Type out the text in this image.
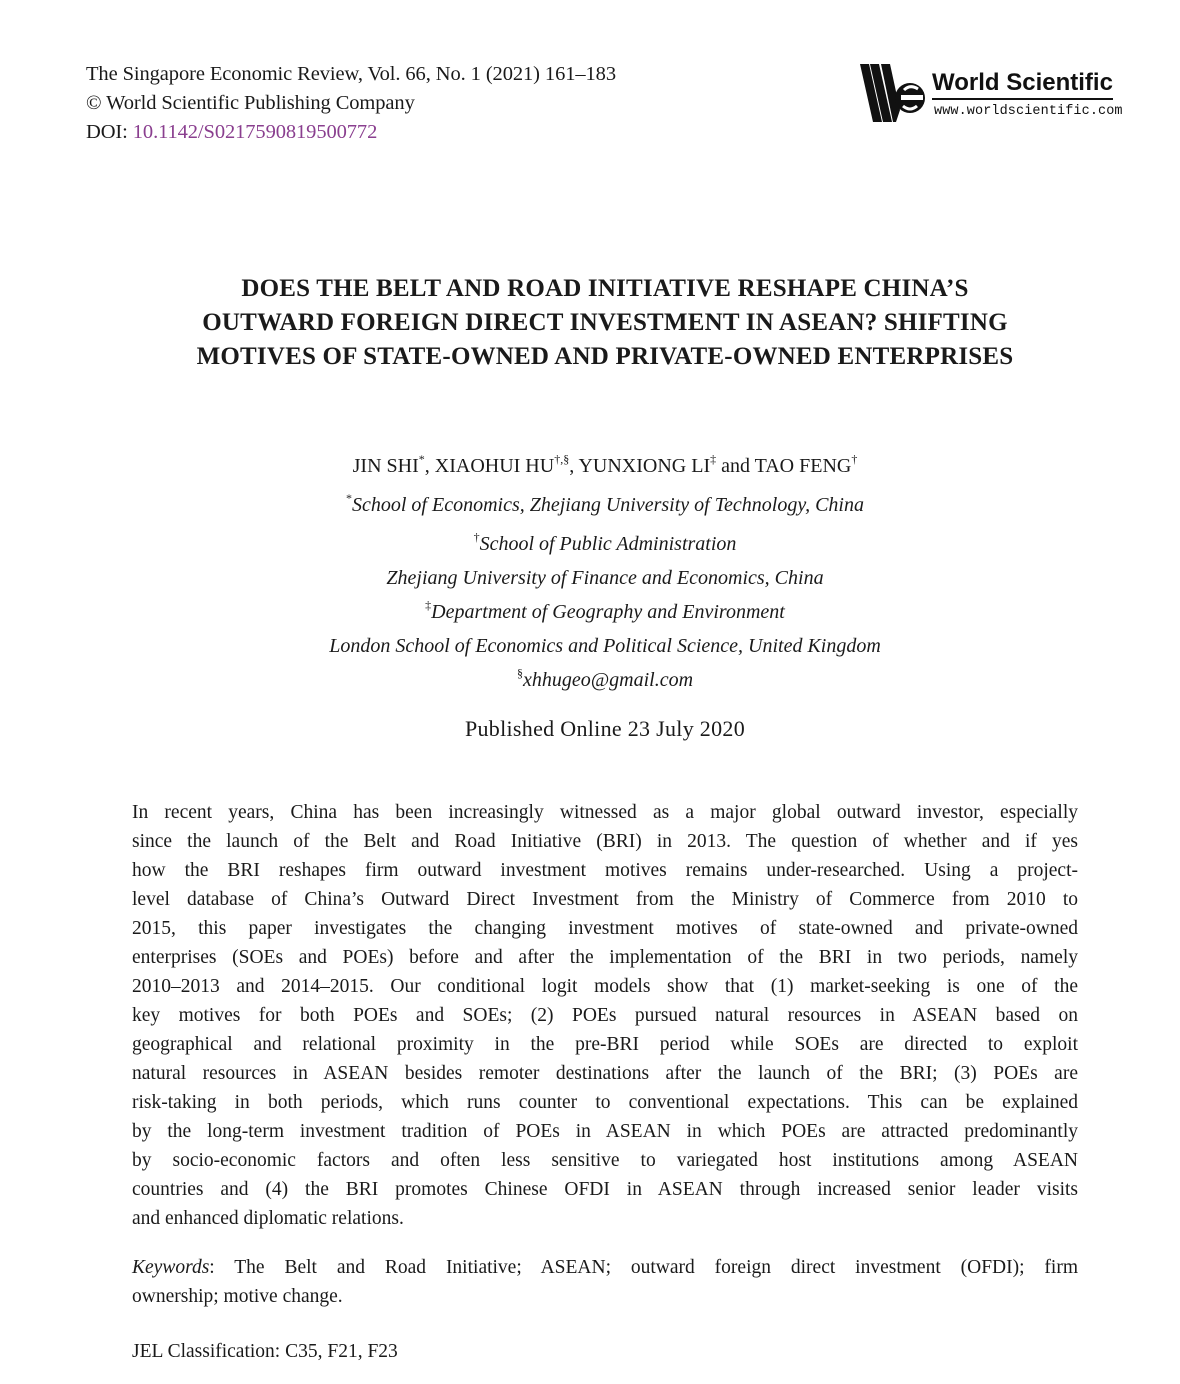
The Singapore Economic Review, Vol. 66, No. 1 (2021) 161–183
© World Scientific Publishing Company
DOI: 10.1142/S0217590819500772
World Scientific
www.worldscientific.com
DOES THE BELT AND ROAD INITIATIVE RESHAPE CHINA’S
OUTWARD FOREIGN DIRECT INVESTMENT IN ASEAN? SHIFTING
MOTIVES OF STATE-OWNED AND PRIVATE-OWNED ENTERPRISES
JIN SHI*, XIAOHUI HU†,§, YUNXIONG LI‡ and TAO FENG†
*School of Economics, Zhejiang University of Technology, China
†School of Public Administration
Zhejiang University of Finance and Economics, China
‡Department of Geography and Environment
London School of Economics and Political Science, United Kingdom
§xhhugeo@gmail.com
Published Online 23 July 2020
In recent years, China has been increasingly witnessed as a major global outward investor, especially
since the launch of the Belt and Road Initiative (BRI) in 2013. The question of whether and if yes
how the BRI reshapes firm outward investment motives remains under-researched. Using a project-
level database of China’s Outward Direct Investment from the Ministry of Commerce from 2010 to
2015, this paper investigates the changing investment motives of state-owned and private-owned
enterprises (SOEs and POEs) before and after the implementation of the BRI in two periods, namely
2010–2013 and 2014–2015. Our conditional logit models show that (1) market-seeking is one of the
key motives for both POEs and SOEs; (2) POEs pursued natural resources in ASEAN based on
geographical and relational proximity in the pre-BRI period while SOEs are directed to exploit
natural resources in ASEAN besides remoter destinations after the launch of the BRI; (3) POEs are
risk-taking in both periods, which runs counter to conventional expectations. This can be explained
by the long-term investment tradition of POEs in ASEAN in which POEs are attracted predominantly
by socio-economic factors and often less sensitive to variegated host institutions among ASEAN
countries and (4) the BRI promotes Chinese OFDI in ASEAN through increased senior leader visits
and enhanced diplomatic relations.
Keywords: The Belt and Road Initiative; ASEAN; outward foreign direct investment (OFDI); firm
ownership; motive change.
JEL Classification: C35, F21, F23
